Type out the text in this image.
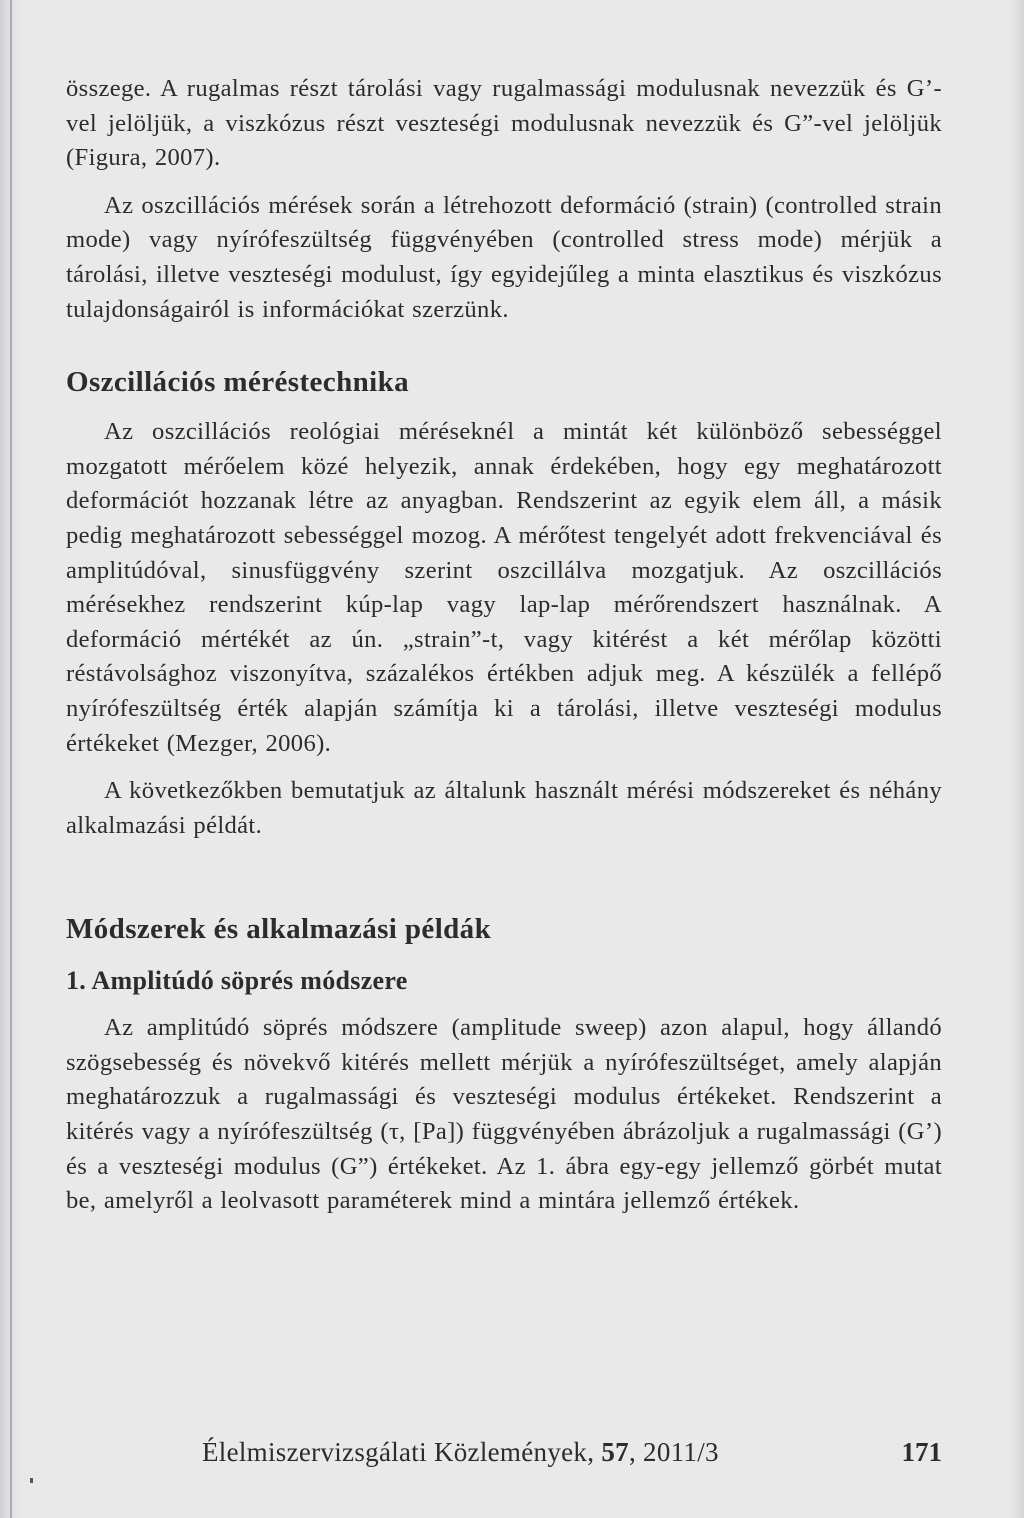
összege. A rugalmas részt tárolási vagy rugalmassági modulusnak nevezzük és G’-vel jelöljük, a viszkózus részt veszteségi modulusnak nevezzük és G”-vel jelöljük (Figura, 2007).

Az oszcillációs mérések során a létrehozott deformáció (strain) (controlled strain mode) vagy nyírófeszültség függvényében (controlled stress mode) mérjük a tárolási, illetve veszteségi modulust, így egyidejűleg a minta elasztikus és viszkózus tulajdonságairól is információkat szerzünk.

Oszcillációs méréstechnika

Az oszcillációs reológiai méréseknél a mintát két különböző sebességgel mozgatott mérőelem közé helyezik, annak érdekében, hogy egy meghatározott deformációt hozzanak létre az anyagban. Rendszerint az egyik elem áll, a másik pedig meghatározott sebességgel mozog. A mérőtest tengelyét adott frekvenciával és amplitúdóval, sinusfüggvény szerint oszcillálva mozgatjuk. Az oszcillációs mérésekhez rendszerint kúp-lap vagy lap-lap mérőrendszert használnak. A deformáció mértékét az ún. „strain”-t, vagy kitérést a két mérőlap közötti réstávolsághoz viszonyítva, százalékos értékben adjuk meg. A készülék a fellépő nyírófeszültség érték alapján számítja ki a tárolási, illetve veszteségi modulus értékeket (Mezger, 2006).

A következőkben bemutatjuk az általunk használt mérési módszereket és néhány alkalmazási példát.

Módszerek és alkalmazási példák
1. Amplitúdó söprés módszere

Az amplitúdó söprés módszere (amplitude sweep) azon alapul, hogy állandó szögsebesség és növekvő kitérés mellett mérjük a nyírófeszültséget, amely alapján meghatározzuk a rugalmassági és veszteségi modulus értékeket. Rendszerint a kitérés vagy a nyírófeszültség (τ, [Pa]) függvényében ábrázoljuk a rugalmassági (G’) és a veszteségi modulus (G”) értékeket. Az 1. ábra egy-egy jellemző görbét mutat be, amelyről a leolvasott paraméterek mind a mintára jellemző értékek.

Élelmiszervizsgálati Közlemények, 57, 2011/3	171
